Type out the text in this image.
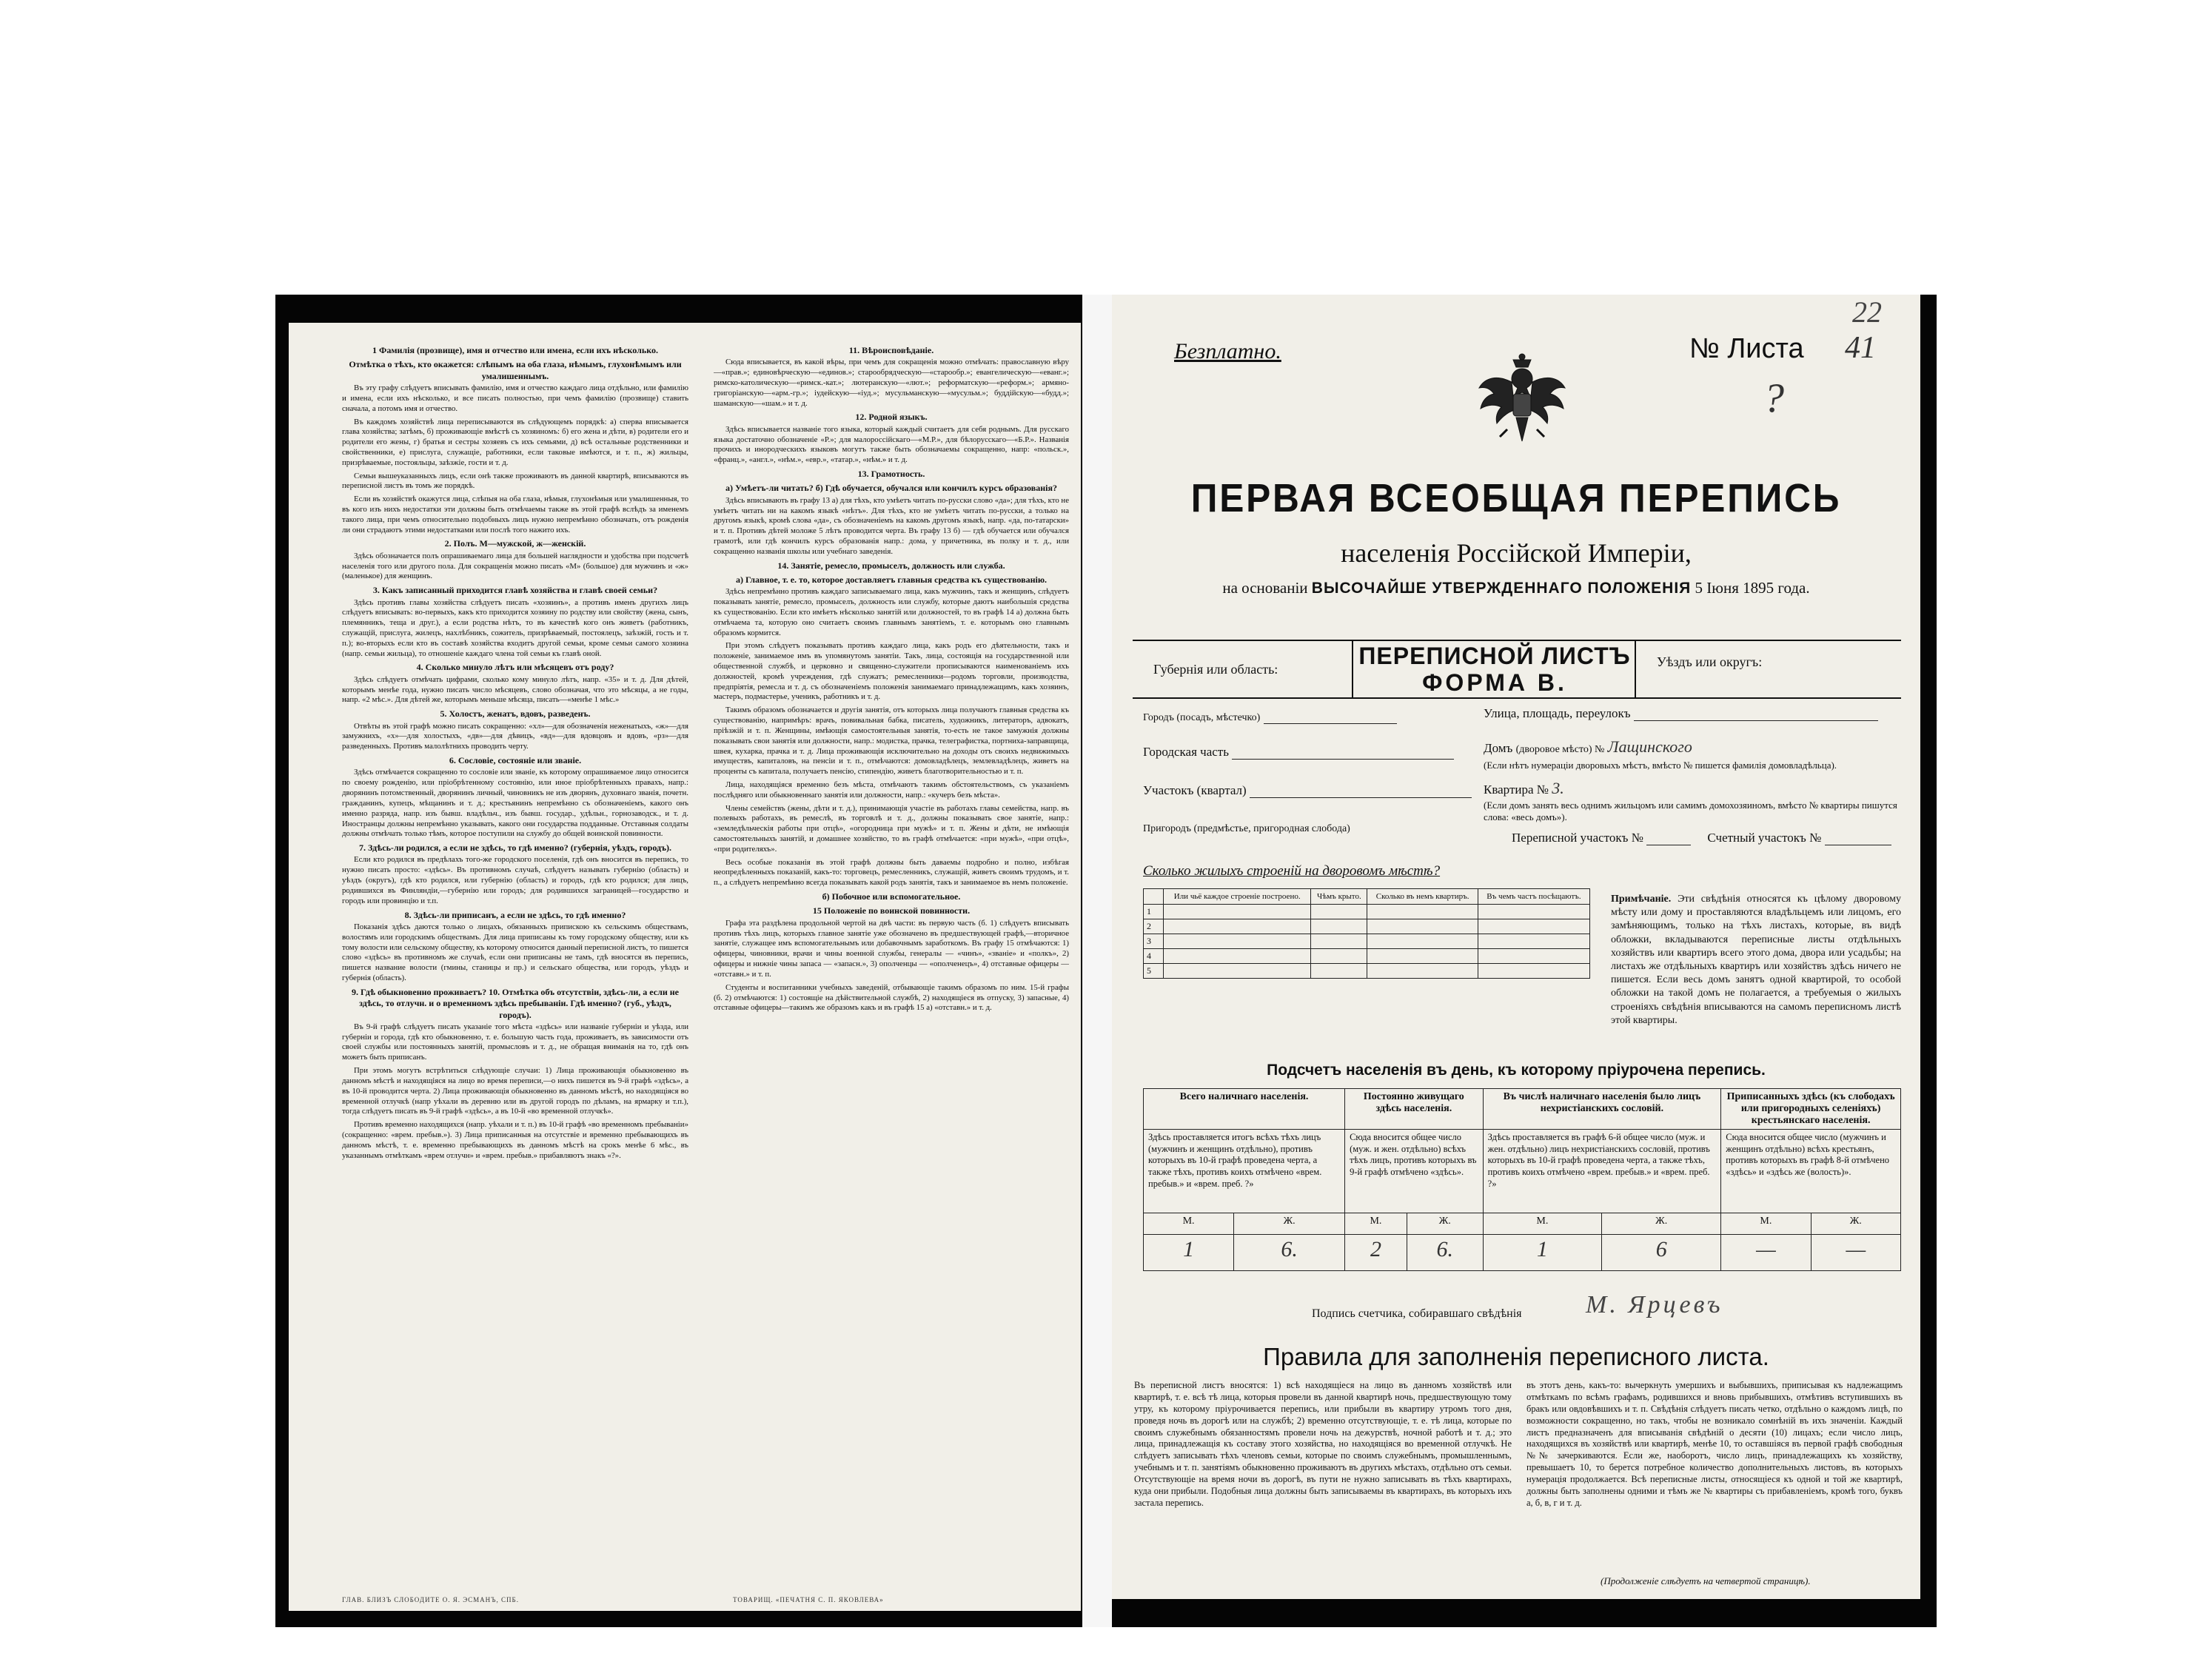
1 Фамилія (прозвище), имя и отчество или имена, если ихъ нѣсколько.
Отмѣтка о тѣхъ, кто окажется: слѣпымъ на оба глаза, нѣмымъ, глухонѣмымъ или умалишеннымъ.
Въ эту графу слѣдуетъ вписывать фамилію, имя и отчество каждаго лица отдѣльно, или фамилію и имена, если ихъ нѣсколько, и все писать полностью, при чемъ фамилію (прозвище) ставить сначала, а потомъ имя и отчество.
Въ каждомъ хозяйствѣ лица переписываются въ слѣдующемъ порядкѣ: а) сперва вписывается глава хозяйства; затѣмъ, б) проживающіе вмѣстѣ съ хозяиномъ: б) его жена и дѣти, в) родители его и родители его жены, г) братья и сестры хозяевъ съ ихъ семьями, д) всѣ остальные родственники и свойственники, е) прислуга, служащіе, работники, если таковые имѣются, и т. п., ж) жильцы, призрѣваемые, постояльцы, заѣзжіе, гости и т. д.
Семьи вышеуказанныхъ лицъ, если онѣ также проживаютъ въ данной квартирѣ, вписываются въ переписной листъ въ томъ же порядкѣ.
Если въ хозяйствѣ окажутся лица, слѣпыя на оба глаза, нѣмыя, глухонѣмыя или умалишенныя, то въ кого изъ нихъ недостатки эти должны быть отмѣчаемы также въ этой графѣ вслѣдъ за именемъ такого лица, при чемъ относительно подобныхъ лицъ нужно непремѣнно обозначать, отъ рожденія ли они страдаютъ этими недостатками или послѣ того нажито ихъ.
2. Полъ. М—мужской, ж—женскій.
Здѣсь обозначается полъ опрашиваемаго лица для большей наглядности и удобства при подсчетѣ населенія того или другого пола. Для сокращенія можно писать «М» (большое) для мужчинъ и «ж» (маленькое) для женщинъ.
3. Какъ записанный приходится главѣ хозяйства и главѣ своей семьи?
Здѣсь противъ главы хозяйства слѣдуетъ писать «хозяинъ», а противъ именъ другихъ лицъ слѣдуетъ вписывать: во-первыхъ, какъ кто приходится хозяину по родству или свойству (жена, сынъ, племянникъ, теща и друг.), а если родства нѣтъ, то въ качествѣ кого онъ живетъ (работникъ, служащій, прислуга, жилецъ, нахлѣбникъ, сожитель, призрѣваемый, постоялецъ, заѣзжій, гость и т. п.); во-вторыхъ если кто въ составѣ хозяйства входитъ другой семьи, кроме семьи самого хозяина (напр. семьи жильца), то отношеніе каждаго члена той семьи къ главѣ оной.
4. Сколько минуло лѣтъ или мѣсяцевъ отъ роду?
Здѣсь слѣдуетъ отмѣчать цифрами, сколько кому минуло лѣтъ, напр. «35» и т. д. Для дѣтей, которымъ менѣе года, нужно писать число мѣсяцевъ, слово обозначая, что это мѣсяцы, а не годы, напр. «2 мѣс.». Для дѣтей же, которымъ меньше мѣсяца, писать—«менѣе 1 мѣс.»
5. Холостъ, женатъ, вдовъ, разведенъ.
Отвѣты въ этой графѣ можно писать сокращенно: «хл»—для обозначенія неженатыхъ, «ж»—для замужнихъ, «х»—для холостыхъ, «дв»—для дѣвицъ, «вд»—для вдовцовъ и вдовъ, «рз»—для разведенныхъ. Противъ малолѣтнихъ проводить черту.
6. Сословіе, состояніе или званіе.
Здѣсь отмѣчается сокращенно то сословіе или званіе, къ которому опрашиваемое лицо относится по своему рожденію, или пріобрѣтенному состоянію, или иное пріобрѣтенныхъ правахъ, напр.: дворянинъ потомственный, дворянинъ личный, чиновникъ не изъ дворянъ, духовнаго званія, почетн. гражданинъ, купецъ, мѣщанинъ и т. д.; крестьянинъ непремѣнно съ обозначеніемъ, какого онъ именно разряда, напр. изъ бывш. владѣльч., изъ бывш. государ., удѣльн., горнозаводск., и т. д. Иностранцы должны непремѣнно указывать, какого они государства подданные. Отставныя солдаты должны отмѣчать только тѣмъ, которое поступили на службу до общей воинской повинности.
7. Здѣсь-ли родился, а если не здѣсь, то гдѣ именно? (губернія, уѣздъ, городъ).
Если кто родился въ предѣлахъ того-же городского поселенія, гдѣ онъ вносится въ перепись, то нужно писать просто: «здѣсь». Въ противномъ случаѣ, слѣдуетъ называть губернію (область) и уѣздъ (округъ), гдѣ кто родился, или губернію (область) и городъ, гдѣ кто родился; для лицъ, родившихся въ Финляндіи,—губернію или городъ; для родившихся заграницей—государство и городъ или провинцію и т.п.
8. Здѣсь-ли приписанъ, а если не здѣсь, то гдѣ именно?
Показанія здѣсь даются только о лицахъ, обязанныхъ припискою къ сельскимъ обществамъ, волостямъ или городскимъ обществамъ. Для лица приписаны къ тому городскому обществу, или къ тому волости или сельскому обществу, къ которому относится данный переписной листъ, то пишется слово «здѣсь» въ противномъ же случаѣ, если они приписаны не тамъ, гдѣ вносятся въ перепись, пишется название волости (гмины, станицы и пр.) и сельскаго общества, или городъ, уѣздъ и губернія (область).
9. Гдѣ обыкновенно проживаетъ? 10. Отмѣтка объ отсутствіи, здѣсь-ли, а если не здѣсь, то отлучн. и о временномъ здѣсь пребываніи. Гдѣ именно? (губ., уѣздъ, городъ).
Въ 9-й графѣ слѣдуетъ писать указаніе того мѣста «здѣсь» или названіе губерніи и уѣзда, или губерніи и города, гдѣ кто обыкновенно, т. е. большую часть года, проживаетъ, въ зависимости отъ своей службы или постоянныхъ занятій, промысловъ и т. д., не обращая вниманія на то, гдѣ онъ можетъ быть приписанъ.
При этомъ могутъ встрѣтиться слѣдующіе случаи: 1) Лица проживающія обыкновенно въ данномъ мѣстѣ и находящіяся на лицо во время переписи,—о нихъ пишется въ 9-й графѣ «здѣсь», а въ 10-й проводится черта. 2) Лица проживающія обыкновенно въ данномъ мѣстѣ, но находящіяся во временной отлучкѣ (напр уѣхали въ деревню или въ другой городъ по дѣламъ, на ярмарку и т.п.), тогда слѣдуетъ писать въ 9-й графѣ «здѣсь», а въ 10-й «во временной отлучкѣ».
Противъ временно находящихся (напр. уѣхали и т. п.) въ 10-й графѣ «во временномъ пребываніи» (сокращенно: «врем. пребыв.»). 3) Лица приписанныя на отсутствіе и временно пребывающихъ въ данномъ мѣстѣ, т. е. временно пребывающихъ въ данномъ мѣстѣ на срокъ менѣе 6 мѣс., въ указаннымъ отмѣткамъ «врем отлучн» и «врем. пребыв.» прибавляютъ знакъ «?».
11. Вѣроисповѣданіе.
Сюда вписывается, въ какой вѣры, при чемъ для сокращенія можно отмѣчать: православную вѣру—«прав.»; единовѣрческую—«единов.»; старообрядческую—«старообр.»; евангелическую—«еванг.»; римско-католическую—«римск.-кат.»; лютеранскую—«лют.»; реформатскую—«реформ.»; армяно-григоріанскую—«арм.-гр.»; іудейскую—«іуд.»; мусульманскую—«мусульм.»; буддійскую—«будд.»; шаманскую—«шам.» и т. д.
12. Родной языкъ.
Здѣсь вписывается названіе того языка, который каждый считаетъ для себя роднымъ. Для русскаго языка достаточно обозначеніе «Р.»; для малороссійскаго—«М.Р.», для бѣлорусскаго—«Б.Р.». Названія прочихъ и инородческихъ языковъ могутъ также быть обозначаемы сокращенно, напр: «польск.», «франц.», «англ.», «нѣм.», «евр.», «татар.», «нѣм.» и т. д.
13. Грамотность.
а) Умѣетъ-ли читать? б) Гдѣ обучается, обучался или кончилъ курсъ образованія?
Здѣсь вписывають въ графу 13 а) для тѣхъ, кто умѣетъ читать по-русски слово «да»; для тѣхъ, кто не умѣетъ читать ни на какомъ языкѣ «нѣтъ». Для тѣхъ, кто не умѣетъ читать по-русски, а только на другомъ языкѣ, кромѣ слова «да», съ обозначеніемъ на какомъ другомъ языкѣ, напр. «да, по-татарски» и т. п. Противъ дѣтей моложе 5 лѣтъ проводится черта. Въ графу 13 б) — гдѣ обучается или обучался грамотѣ, или гдѣ кончилъ курсъ образованія напр.: дома, у причетника, въ полку и т. д., или сокращенно названія школы или учебнаго заведенія.
14. Занятіе, ремесло, промыселъ, должность или служба.
а) Главное, т. е. то, которое доставляетъ главныя средства къ существованію.
Здѣсь непремѣнно противъ каждаго записываемаго лица, какъ мужчинъ, такъ и женщинъ, слѣдуетъ показывать занятіе, ремесло, промыселъ, должность или службу, которые даютъ наибольшія средства къ существованію. Если кто имѣетъ нѣсколько занятій или должностей, то въ графѣ 14 а) должна быть отмѣчаема та, которую оно считаетъ своимъ главнымъ занятіемъ, т. е. которымъ оно главнымъ образомъ кормится.
При этомъ слѣдуетъ показывать противъ каждаго лица, какъ родъ его дѣятельности, такъ и положеніе, занимаемое имъ въ упомянутомъ занятіи. Такъ, лица, состоящія на государственной или общественной службѣ, и церковно и священно-служители прописываются наименованіемъ ихъ должностей, кромѣ учреждения, гдѣ служатъ; ремесленники—родомъ торговли, производства, предпріятія, ремесла и т. д. съ обозначеніемъ положенія занимаемаго принадлежащимъ, какъ хозяинъ, мастеръ, подмастерье, ученикъ, работникъ и т. д.
Такимъ образомъ обозначается и другія занятія, отъ которыхъ лица получаютъ главныя средства къ существованію, напримѣръ: врачъ, повивальная бабка, писатель, художникъ, литераторъ, адвокатъ, пріѣзжій и т. п. Женщины, имѣющія самостоятельныя занятія, то-есть не такое замужнія должны показывать свои занятія или должности, напр.: модистка, прачка, телеграфистка, портниха-заправщица, швея, кухарка, прачка и т. д. Лица проживающія исключительно на доходы отъ своихъ недвижимыхъ имуществъ, капиталовъ, на пенсіи и т. п., отмѣчаются: домовладѣлецъ, землевладѣлецъ, живетъ на проценты съ капитала, получаетъ пенсію, стипендію, живетъ благотворительностью и т. п.
Лица, находящіяся временно безъ мѣста, отмѣчаютъ такимъ обстоятельствомъ, съ указаніемъ послѣдняго или обыкновеннаго занятія или должности, напр.: «кучеръ безъ мѣста».
Члены семействъ (жены, дѣти и т. д.), принимающія участіе въ работахъ главы семейства, напр. въ полевыхъ работахъ, въ ремеслѣ, въ торговлѣ и т. д., должны показывать свое занятіе, напр.: «земледѣльческія работы при отцѣ», «огородница при мужѣ» и т. п. Жены и дѣти, не имѣющія самостоятельныхъ занятій, и домашнее хозяйство, то въ графѣ отмѣчается: «при мужѣ», «при отцѣ», «при родителяхъ».
Весь особые показанія въ этой графѣ должны быть даваемы подробно и полно, избѣгая неопредѣленныхъ показаній, какъ-то: торговецъ, ремесленникъ, служащій, живетъ своимъ трудомъ, и т. п., а слѣдуетъ непремѣнно всегда показывать какой родъ занятія, такъ и занимаемое въ немъ положеніе.
б) Побочное или вспомогательное.
15 Положеніе по воинской повинности.
Графа эта раздѣлена продольной чертой на двѣ части: въ первую часть (б. 1) слѣдуетъ вписывать противъ тѣхъ лицъ, которыхъ главное занятіе уже обозначено въ предшествующей графѣ,—вторичное занятіе, служащее имъ вспомогательнымъ или добавочнымъ заработкомъ. Въ графу 15 отмѣчаются: 1) офицеры, чиновники, врачи и чины военной службы, генералы — «чинъ», «званіе» и «полкъ», 2) офицеры и нижніе чины запаса — «запасн.», 3) ополченцы — «ополченецъ», 4) отставные офицеры — «отставн.» и т. п.
Студенты и воспитанники учебныхъ заведеній, отбывающіе такимъ образомъ по ним. 15-й графы (б. 2) отмѣчаются: 1) состоящіе на дѣйствительной службѣ, 2) находящіеся въ отпуску, 3) запасные, 4) отставные офицеры—такимъ же образомъ какъ и въ графѣ 15 а) «отставн.» и т. д.
ГЛАВ. БЛИЗЪ СЛОБОДИТЕ О. Я. ЭСМАНЪ, СПБ.	ТОВАРИЩ. «ПЕЧАТНЯ С. П. ЯКОВЛЕВА»
Безплатно.	№ Листа 41
22
?
ПЕРВАЯ ВСЕОБЩАЯ ПЕРЕПИСЬ
населенія Россійской Имперіи,
на основаніи ВЫСОЧАЙШЕ УТВЕРЖДЕННАГО ПОЛОЖЕНІЯ 5 Іюня 1895 года.
Губернія или область:	ПЕРЕПИСНОЙ ЛИСТЪ
ФОРМА В.
Уѣздъ или округъ:
Городъ (посадъ, мѣстечко)
Городская часть
Участокъ (квартал)
Пригородъ (предмѣстье, пригородная слобода)
Улица, площадь, переулокъ
Домъ (дворовое мѣсто) № Лащинского
(Если нѣтъ нумераціи дворовыхъ мѣстъ, вмѣсто № пишется фамилія домовладѣльца).
Квартира № 3.
(Если домъ занять весь однимъ жильцомъ или самимъ домохозяиномъ, вмѣсто № квартиры пишутся слова: «весь домъ»).
Переписной участокъ №	Счетный участокъ №
Сколько жилыхъ строеній на дворовомъ мѣстѣ?
	Или чьё каждое строеніе построено.	Чѣмъ крыто.	Сколько въ немъ квартиръ.	Въ чемъ частъ посѣщаютъ.
1				
2				
3				
4				
5				
Примѣчаніе. Эти свѣдѣнія относятся къ цѣлому дворовому мѣсту или дому и проставляются владѣльцемъ или лицомъ, его замѣняющимъ, только на тѣхъ листахъ, которые, въ видѣ обложки, вкладываются переписные листы отдѣльныхъ хозяйствъ или квартиръ всего этого дома, двора или усадьбы; на листахъ же отдѣльныхъ квартиръ или хозяйствъ здѣсь ничего не пишется. Если весь домъ занятъ одной квартирой, то особой обложки на такой домъ не полагается, а требуемыя о жилыхъ строеніяхъ свѣдѣнія вписываются на самомъ переписномъ листѣ этой квартиры.
Подсчетъ населенія въ день, къ которому пріурочена перепись.
Всего наличнаго населенія.		Постоянно живущаго здѣсь населенія.		Въ числѣ наличнаго населенія было лицъ нехристіанскихъ сословій.		Приписанныхъ здѣсь (къ слободахъ или пригородныхъ селеніяхъ) крестьянскаго населенія.	
Здѣсь проставляется итогъ всѣхъ тѣхъ лицъ (мужчинъ и женщинъ отдѣльно), противъ которыхъ въ 10-й графѣ проведена черта, а также тѣхъ, противъ коихъ отмѣчено «врем. пребыв.» и «врем. преб. ?»		Сюда вносится общее число (муж. и жен. отдѣльно) всѣхъ тѣхъ лицъ, противъ которыхъ въ 9-й графѣ отмѣчено «здѣсь».		Здѣсь проставляется въ графѣ 6-й общее число (муж. и жен. отдѣльно) лицъ нехристіанскихъ сословій, противъ которыхъ въ 10-й графѣ проведена черта, а также тѣхъ, противъ коихъ отмѣчено «врем. пребыв.» и «врем. преб. ?»		Сюда вносится общее число (мужчинъ и женщинъ отдѣльно) всѣхъ крестьянъ, противъ которыхъ въ графѣ 8-й отмѣчено «здѣсь» и «здѣсь же (волость)».	
М.	Ж.	М.	Ж.	М.	Ж.	М.	Ж.
1	6.	2	6.	1	6	—	—
Подпись счетчика, собиравшаго свѣдѣнія	М. Ярцевъ
Правила для заполненія переписного листа.
Въ переписной листъ вносятся: 1) всѣ находящіеся на лицо въ данномъ хозяйствѣ или квартирѣ, т. е. всѣ тѣ лица, которыя провели въ данной квартирѣ ночь, предшествующую тому утру, къ которому пріурочивается перепись, или прибыли въ квартиру утромъ того дня, проведя ночь въ дорогѣ или на службѣ; 2) временно отсутствующіе, т. е. тѣ лица, которые по своимъ служебнымъ обязанностямъ провели ночь на дежурствѣ, ночной работѣ и т. д.; это лица, принадлежащія къ составу этого хозяйства, но находящіяся во временной отлучкѣ. Не слѣдуетъ записывать тѣхъ членовъ семьи, которые по своимъ служебнымъ, промышленнымъ, учебнымъ и т. п. занятіямъ обыкновенно проживаютъ въ другихъ мѣстахъ, отдѣльно отъ семьи. Отсутствующіе на время ночи въ дорогѣ, въ пути не нужно записывать въ тѣхъ квартирахъ, куда они прибыли. Подобныя лица должны быть записываемы въ квартирахъ, въ которыхъ ихъ застала перепись.
въ этотъ день, какъ-то: вычеркнуть умершихъ и выбывшихъ, приписывая къ надлежащимъ отмѣткамъ по всѣмъ графамъ, родившихся и вновь прибывшихъ, отмѣтивъ вступившихъ въ бракъ или овдовѣвшихъ и т. п. Свѣдѣнія слѣдуетъ писать четко, отдѣльно о каждомъ лицѣ, по возможности сокращенно, но такъ, чтобы не возникало сомнѣній въ ихъ значеніи. Каждый листъ предназначенъ для вписыванія свѣдѣній о десяти (10) лицахъ; если число лицъ, находящихся въ хозяйствѣ или квартирѣ, менѣе 10, то оставшіяся въ первой графѣ свободныя №№ зачеркиваются. Если же, наоборотъ, число лицъ, принадлежащихъ къ хозяйству, превышаетъ 10, то берется потребное количество дополнительныхъ листовъ, въ которыхъ нумерація продолжается. Всѣ переписные листы, относящіеся къ одной и той же квартирѣ, должны быть заполнены одними и тѣмъ же № квартиры съ прибавленіемъ, кромѣ того, буквъ а, б, в, г и т. д.
(Продолженіе слѣдуетъ на четвертой страницѣ).
